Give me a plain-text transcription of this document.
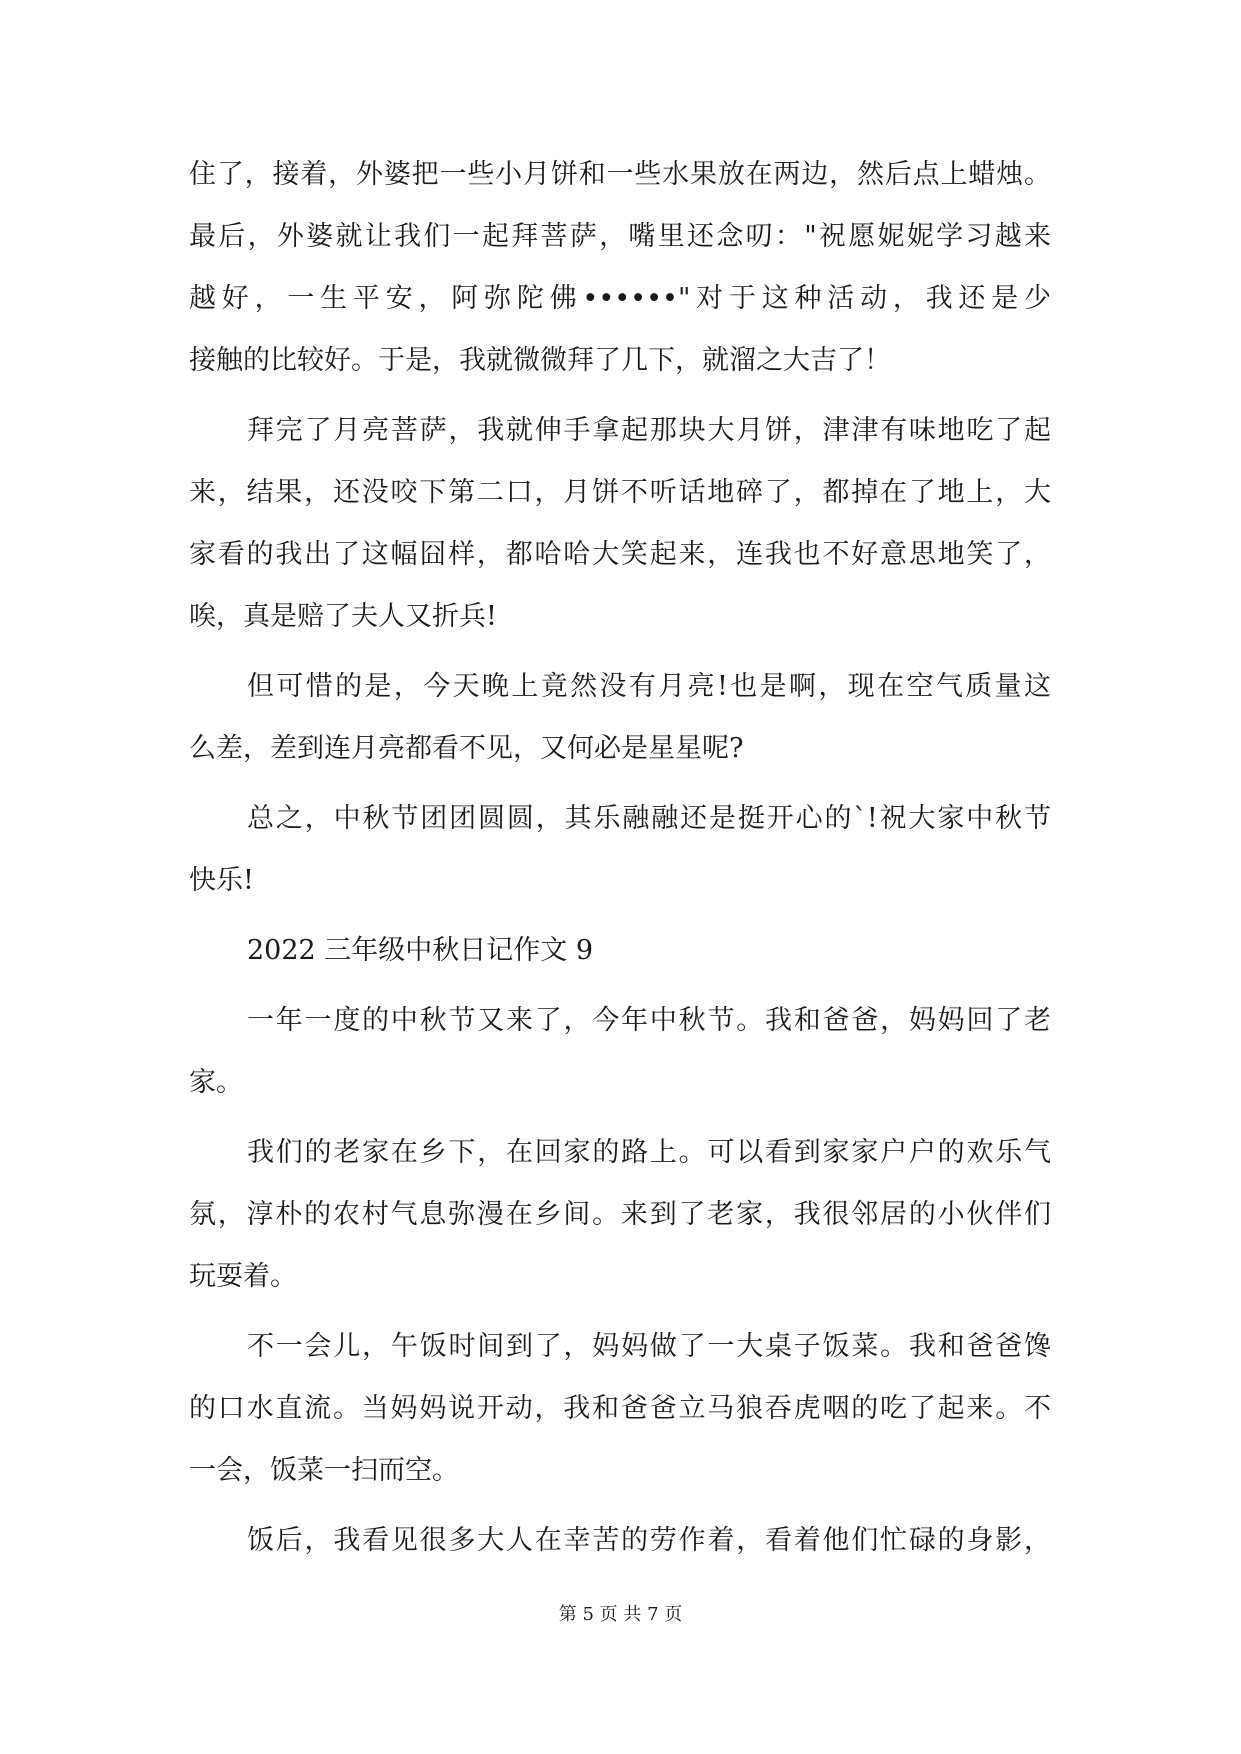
住了，接着，外婆把一些小月饼和一些水果放在两边，然后点上蜡烛。
最后，外婆就让我们一起拜菩萨，嘴里还念叨："祝愿妮妮学习越来
越好，一生平安，阿弥陀佛••••••"对于这种活动，我还是少
接触的比较好。于是，我就微微拜了几下，就溜之大吉了！
拜完了月亮菩萨，我就伸手拿起那块大月饼，津津有味地吃了起
来，结果，还没咬下第二口，月饼不听话地碎了，都掉在了地上，大
家看的我出了这幅囧样，都哈哈大笑起来，连我也不好意思地笑了，
唉，真是赔了夫人又折兵!
但可惜的是，今天晚上竟然没有月亮!也是啊，现在空气质量这
么差，差到连月亮都看不见，又何必是星星呢?
总之，中秋节团团圆圆，其乐融融还是挺开心的`!祝大家中秋节
快乐!
2022 三年级中秋日记作文 9
一年一度的中秋节又来了，今年中秋节。我和爸爸，妈妈回了老
家。
我们的老家在乡下，在回家的路上。可以看到家家户户的欢乐气
氛，淳朴的农村气息弥漫在乡间。来到了老家，我很邻居的小伙伴们
玩耍着。
不一会儿，午饭时间到了，妈妈做了一大桌子饭菜。我和爸爸馋
的口水直流。当妈妈说开动，我和爸爸立马狼吞虎咽的吃了起来。不
一会，饭菜一扫而空。
饭后，我看见很多大人在幸苦的劳作着，看着他们忙碌的身影，
第 5 页 共 7 页
